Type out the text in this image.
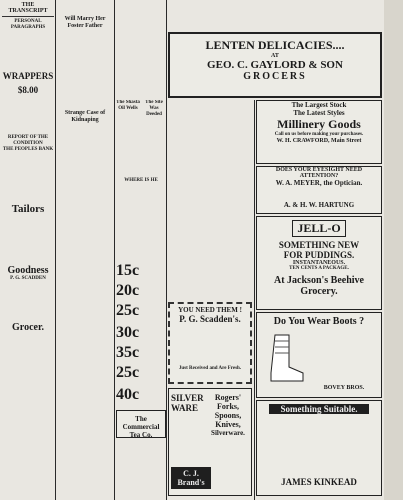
THE TRANSCRIPT
PERSONAL PARAGRAPHS
WRAPPERS
$8.00
REPORT OF THE CONDITION
THE PEOPLES BANK
Tailors
Goodness
P. G. SCADDEN
Grocer.
Will Marry Her Foster Father
Strange Case of Kidnaping
The Shasta Oil Wells
The Site Was Deeded
WHERE IS HE
LENTEN DELICACIES....
AT
GEO. C. GAYLORD & SON
GROCERS
The Largest Stock
The Latest Styles
Millinery Goods
Call on us before making your purchases.
W. H. CRAWFORD, Main Street
DOES YOUR EYESIGHT NEED ATTENTION?
W. A. MEYER, the Optician.
A. & H. W. HARTUNG
JELL-O
SOMETHING NEW
FOR PUDDINGS.
INSTANTANEOUS.
TEN CENTS A PACKAGE.
At Jackson's Beehive Grocery.
Do You Wear Boots ?
BOVEY BROS.
15c
20c
25c
30c
35c
25c
40c
YOU NEED THEM !
P. G. Scadden's.
Just Received and Are Fresh.
The Commercial Tea Co.
SILVER
WARE
Rogers'
Forks,
Spoons,
Knives,
Silverware.
C. J. Brand's
Something Suitable.
JAMES KINKEAD
